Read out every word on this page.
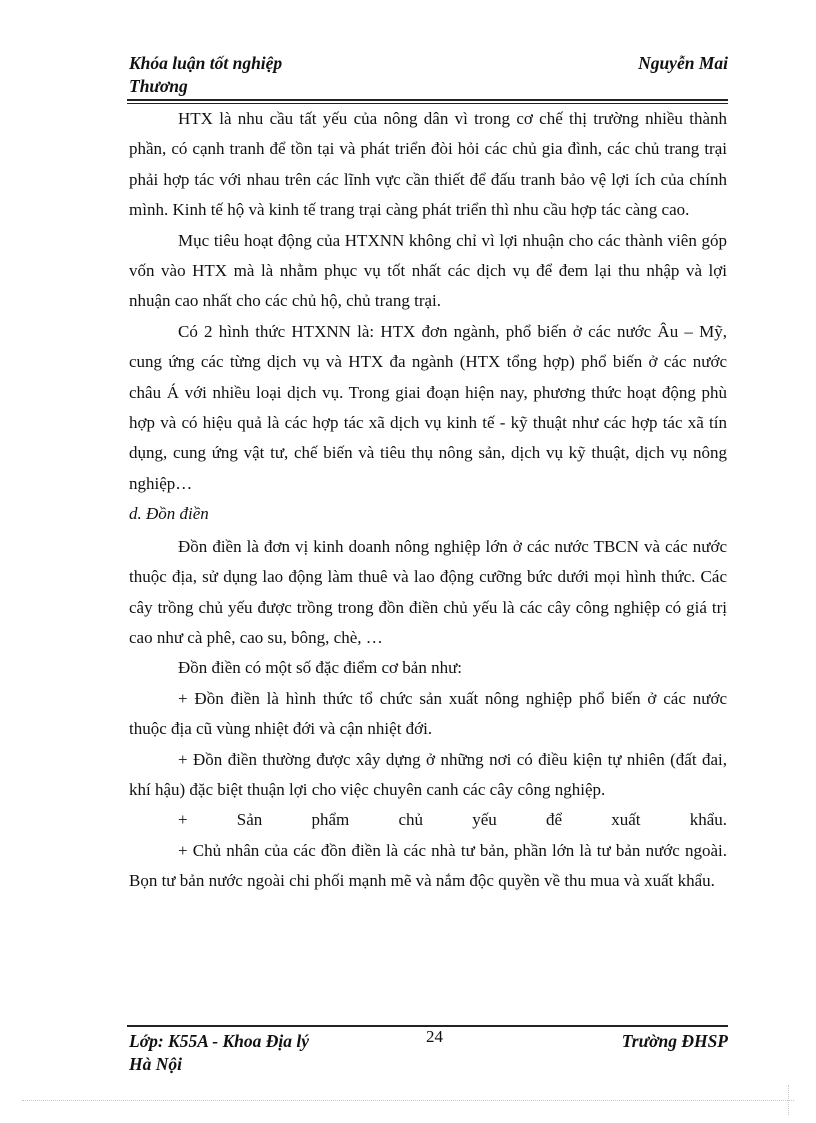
Khóa luận tốt nghiệp
Thương
Nguyễn Mai

HTX là nhu cầu tất yếu của nông dân vì trong cơ chế thị trường nhiều thành phần, có cạnh tranh để tồn tại và phát triển đòi hỏi các chủ gia đình, các chủ trang trại phải hợp tác với nhau trên các lĩnh vực cần thiết để đấu tranh bảo vệ lợi ích của chính mình. Kinh tế hộ và kinh tế trang trại càng phát triển thì nhu cầu hợp tác càng cao.

Mục tiêu hoạt động của HTXNN không chỉ vì lợi nhuận cho các thành viên góp vốn vào HTX mà là nhằm phục vụ tốt nhất các dịch vụ để đem lại thu nhập và lợi nhuận cao nhất cho các chủ hộ, chủ trang trại.

Có 2 hình thức HTXNN là: HTX đơn ngành, phổ biến ở các nước Âu – Mỹ, cung ứng các từng dịch vụ và HTX đa ngành (HTX tổng hợp) phổ biến ở các nước châu Á với nhiều loại dịch vụ. Trong giai đoạn hiện nay, phương thức hoạt động phù hợp và có hiệu quả là các hợp tác xã dịch vụ kinh tế - kỹ thuật như các hợp tác xã tín dụng, cung ứng vật tư, chế biến và tiêu thụ nông sản, dịch vụ kỹ thuật, dịch vụ nông nghiệp…

d. Đồn điền

Đồn điền là đơn vị kinh doanh nông nghiệp lớn ở các nước TBCN và các nước thuộc địa, sử dụng lao động làm thuê và lao động cưỡng bức dưới mọi hình thức. Các cây trồng chủ yếu được trồng trong đồn điền chủ yếu là các cây công nghiệp có giá trị cao như cà phê, cao su, bông, chè, …

Đồn điền có một số đặc điểm cơ bản như:

+ Đồn điền là hình thức tổ chức sản xuất nông nghiệp phổ biến ở các nước thuộc địa cũ vùng nhiệt đới và cận nhiệt đới.

+ Đồn điền thường được xây dựng ở những nơi có điều kiện tự nhiên (đất đai, khí hậu) đặc biệt thuận lợi cho việc chuyên canh các cây công nghiệp.

+ Sản phẩm chủ yếu để xuất khẩu.

+ Chủ nhân của các đồn điền là các nhà tư bản, phần lớn là tư bản nước ngoài. Bọn tư bản nước ngoài chi phối mạnh mẽ và nắm độc quyền về thu mua và xuất khẩu.

Lớp: K55A - Khoa Địa lý
Hà Nội
24	Trường ĐHSP
